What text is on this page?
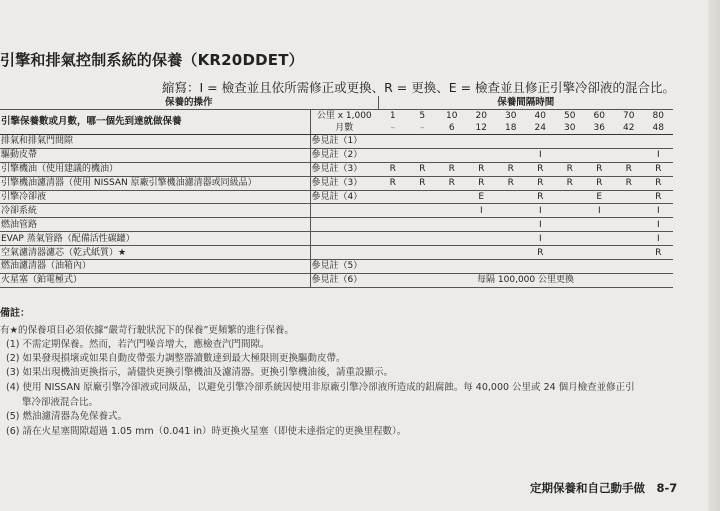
引擎和排氣控制系統的保養（KR20DDET）
縮寫：I = 檢查並且依所需修正或更換、R = 更換、E = 檢查並且修正引擎冷卻液的混合比。
保養的操作		保養間隔時間									
引擎保養數或月數，哪一個先到達就做保養	公里 x 1,000	1	5	10	20	30	40	50	60	70	80
	月數	–	–	6	12	18	24	30	36	42	48
排氣和排氣門間隙	參見註（1）										
驅動皮帶	參見註（2）						I				I
引擎機油（使用建議的機油）	參見註（3）	R	R	R	R	R	R	R	R	R	R
引擎機油濾清器（使用 NISSAN 原廠引擎機油濾清器或同級品）	參見註（3）	R	R	R	R	R	R	R	R	R	R
引擎冷卻液	參見註（4）				E		R		E		R
冷卻系統					I		I		I		I
燃油管路							I				I
EVAP 蒸氣管路（配備活性碳罐）							I				I
空氣濾清器濾芯（乾式紙質）★							R				R
燃油濾清器（油箱內）	參見註（5）										
火星塞（鉑電極式）	參見註（6）	每隔 100,000 公里更換									
備註：
有★的保養項目必須依據“嚴苛行駛狀況下的保養”更頻繁的進行保養。
(1) 不需定期保養。然而，若汽門噪音增大，應檢查汽門間隙。
(2) 如果發現損壞或如果自動皮帶張力調整器讀數達到最大極限則更換驅動皮帶。
(3) 如果出現機油更換指示，請儘快更換引擎機油及濾清器。更換引擎機油後，請重設顯示。
(4) 使用 NISSAN 原廠引擎冷卻液或同級品，以避免引擎冷卻系統因使用非原廠引擎冷卻液所造成的鋁腐蝕。每 40,000 公里或 24 個月檢查並修正引
擎冷卻液混合比。
(5) 燃油濾清器為免保養式。
(6) 請在火星塞間隙超過 1.05 mm（0.041 in）時更換火星塞（即使未達指定的更換里程數）。
定期保養和自己動手做　8-7
